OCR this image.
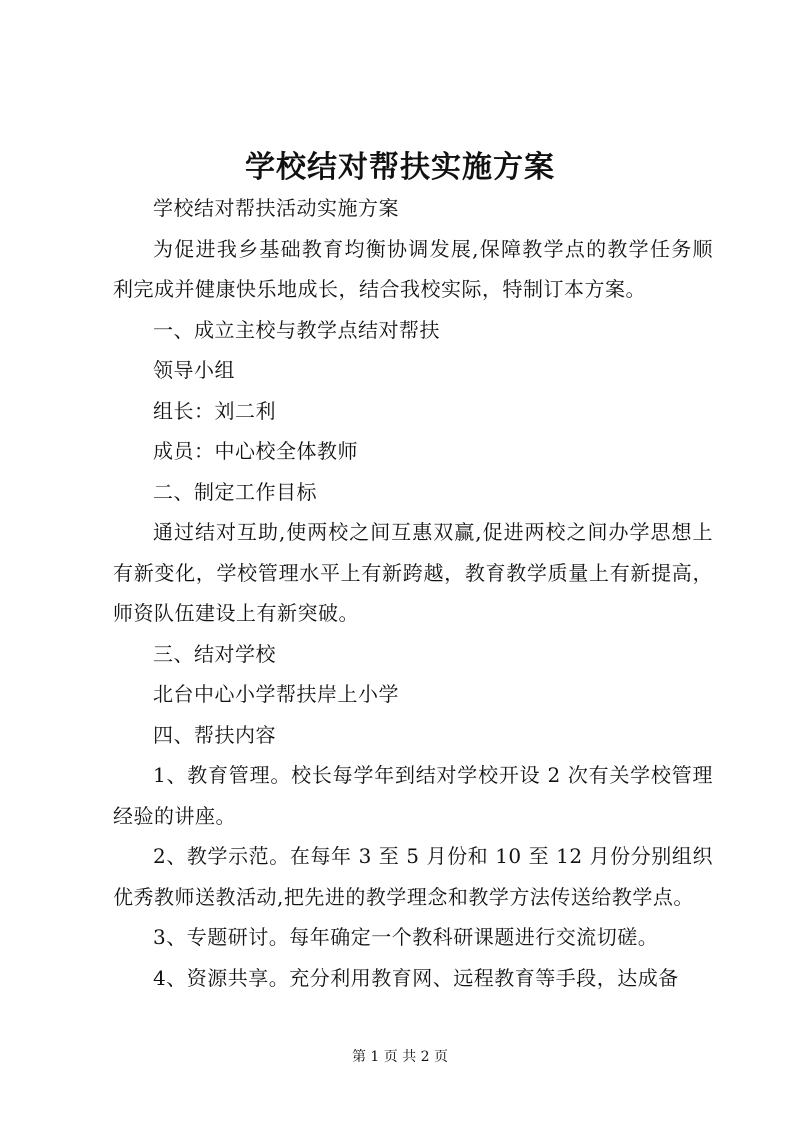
学校结对帮扶实施方案

学校结对帮扶活动实施方案

为促进我乡基础教育均衡协调发展,保障教学点的教学任务顺利完成并健康快乐地成长，结合我校实际，特制订本方案。

一、成立主校与教学点结对帮扶

领导小组

组长：刘二利

成员：中心校全体教师

二、制定工作目标

通过结对互助,使两校之间互惠双赢,促进两校之间办学思想上有新变化，学校管理水平上有新跨越，教育教学质量上有新提高，师资队伍建设上有新突破。

三、结对学校

北台中心小学帮扶岸上小学

四、帮扶内容

1、教育管理。校长每学年到结对学校开设 2 次有关学校管理经验的讲座。

2、教学示范。在每年 3 至 5 月份和 10 至 12 月份分别组织优秀教师送教活动,把先进的教学理念和教学方法传送给教学点。

3、专题研讨。每年确定一个教科研课题进行交流切磋。

4、资源共享。充分利用教育网、远程教育等手段，达成备

第 1 页 共 2 页
